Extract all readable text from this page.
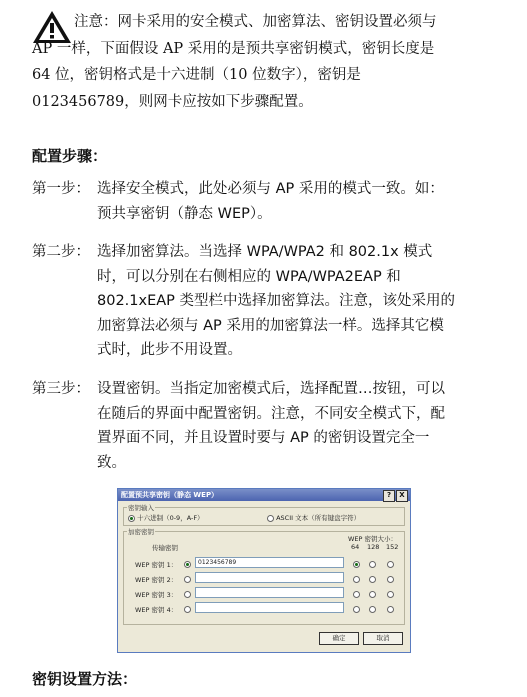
注意：网卡采用的安全模式、加密算法、密钥设置必须与
AP 一样，下面假设 AP 采用的是预共享密钥模式，密钥长度是
64 位，密钥格式是十六进制（10 位数字），密钥是
0123456789，则网卡应按如下步骤配置。
配置步骤：
第一步： 选择安全模式，此处必须与 AP 采用的模式一致。如：
预共享密钥（静态 WEP）。
第二步： 选择加密算法。当选择 WPA/WPA2 和 802.1x 模式
时，可以分别在右侧相应的 WPA/WPA2EAP 和
802.1xEAP 类型栏中选择加密算法。注意，该处采用的
加密算法必须与 AP 采用的加密算法一样。选择其它模
式时，此步不用设置。
第三步： 设置密钥。当指定加密模式后，选择配置…按钮，可以
在随后的界面中配置密钥。注意，不同安全模式下，配
置界面不同，并且设置时要与 AP 的密钥设置完全一
致。
配置预共享密钥（静态 WEP）	?	X
密钥输入
十六进制（0-9，A-F）	ASCII 文本（所有键盘字符）
加密密钥
WEP 密钥大小：
传输密钥	64 128 152
WEP 密钥 1：	0123456789
WEP 密钥 2：
WEP 密钥 3：
WEP 密钥 4：
确定	取消
密钥设置方法：
